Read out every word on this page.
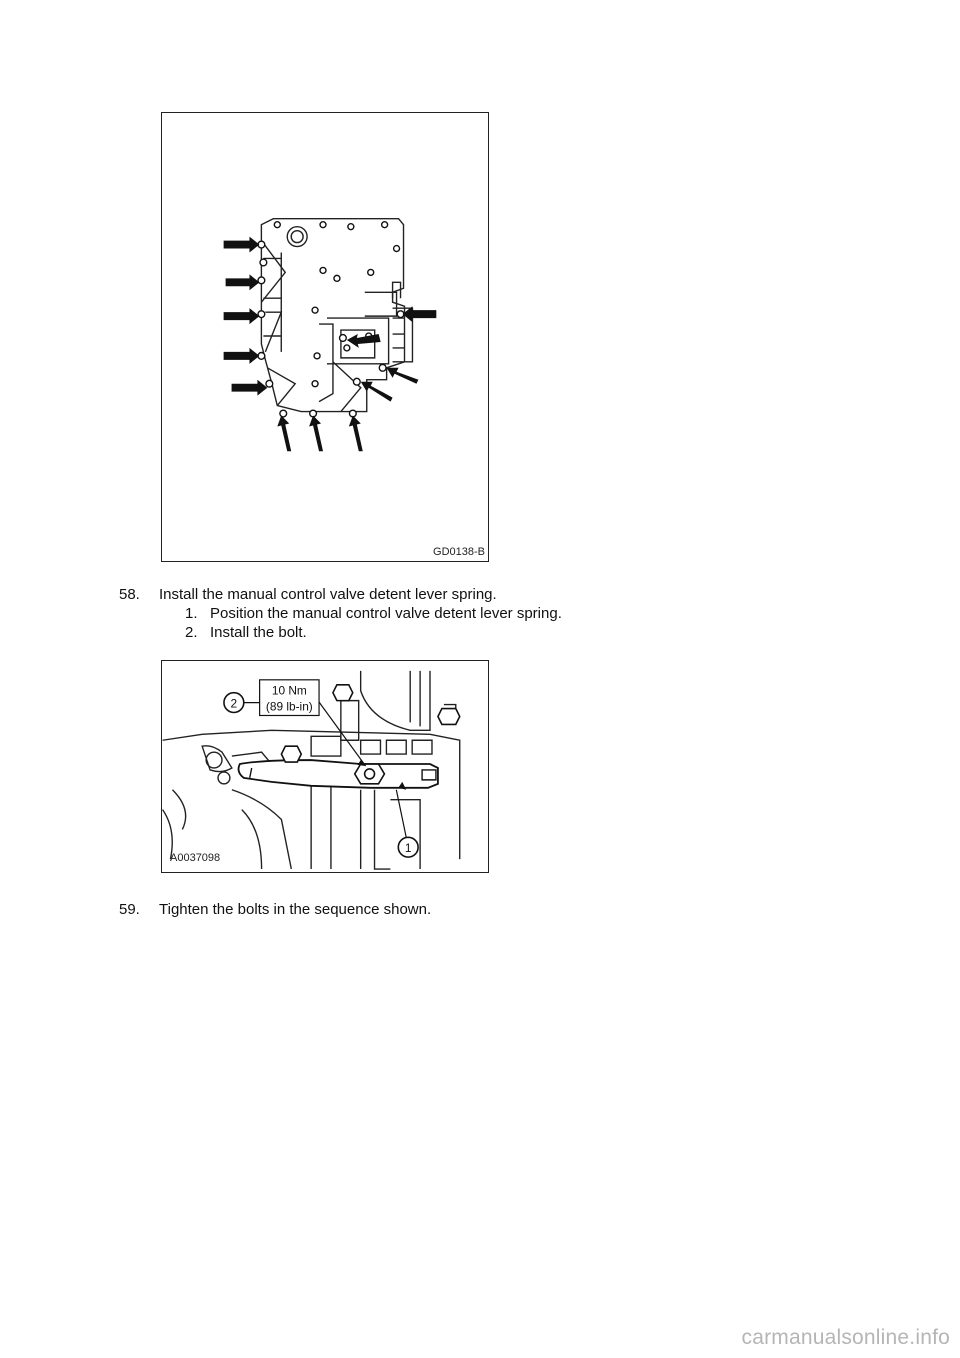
GD0138-B
58. Install the manual control valve detent lever spring.
1. Position the manual control valve detent lever spring.
2. Install the bolt.
2
1
10 Nm
(89 lb-in)
A0037098
59. Tighten the bolts in the sequence shown.
carmanualsonline.info
